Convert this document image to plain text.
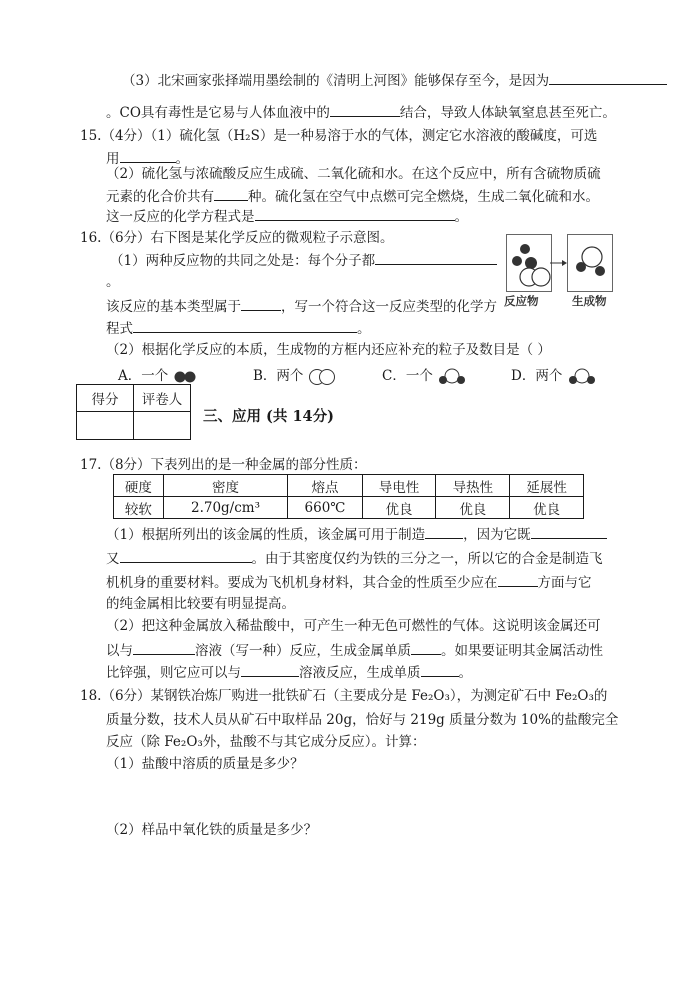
（3）北宋画家张择端用墨绘制的《清明上河图》能够保存至今，是因为
。CO具有毒性是它易与人体血液中的	结合，导致人体缺氧窒息甚至死亡。
15.（4分）（1）硫化氢（H₂S）是一种易溶于水的气体，测定它水溶液的酸碱度，可选
用	。
（2）硫化氢与浓硫酸反应生成硫、二氧化硫和水。在这个反应中，所有含硫物质硫
元素的化合价共有	种。硫化氢在空气中点燃可完全燃烧，生成二氧化硫和水。
这一反应的化学方程式是	。
16.（6分）右下图是某化学反应的微观粒子示意图。
（1）两种反应物的共同之处是：每个分子都
。
该反应的基本类型属于	，写一个符合这一反应类型的化学方
程式	。
反应物	生成物
（2）根据化学反应的本质，生成物的方框内还应补充的粒子及数目是（ ）
A．一个	B．两个	C．一个	D．两个
得分	评卷人

三、应用 (共 14分)
17.（8分）下表列出的是一种金属的部分性质：
硬度	密度	熔点	导电性	导热性	延展性
较软	2.70g/cm³	660℃	优良	优良	优良
（1）根据所列出的该金属的性质，该金属可用于制造	，因为它既
又	。由于其密度仅约为铁的三分之一，所以它的合金是制造飞
机机身的重要材料。要成为飞机机身材料，其合金的性质至少应在	方面与它
的纯金属相比较要有明显提高。
（2）把这种金属放入稀盐酸中，可产生一种无色可燃性的气体。这说明该金属还可
以与	溶液（写一种）反应，生成金属单质 。如果要证明其金属活动性
比锌强，则它应可以与	溶液反应，生成单质	。
18.（6分）某钢铁冶炼厂购进一批铁矿石（主要成分是 Fe₂O₃），为测定矿石中 Fe₂O₃的
质量分数，技术人员从矿石中取样品 20g，恰好与 219g 质量分数为 10%的盐酸完全
反应（除 Fe₂O₃外，盐酸不与其它成分反应）。计算：
（1）盐酸中溶质的质量是多少？
（2）样品中氧化铁的质量是多少？
